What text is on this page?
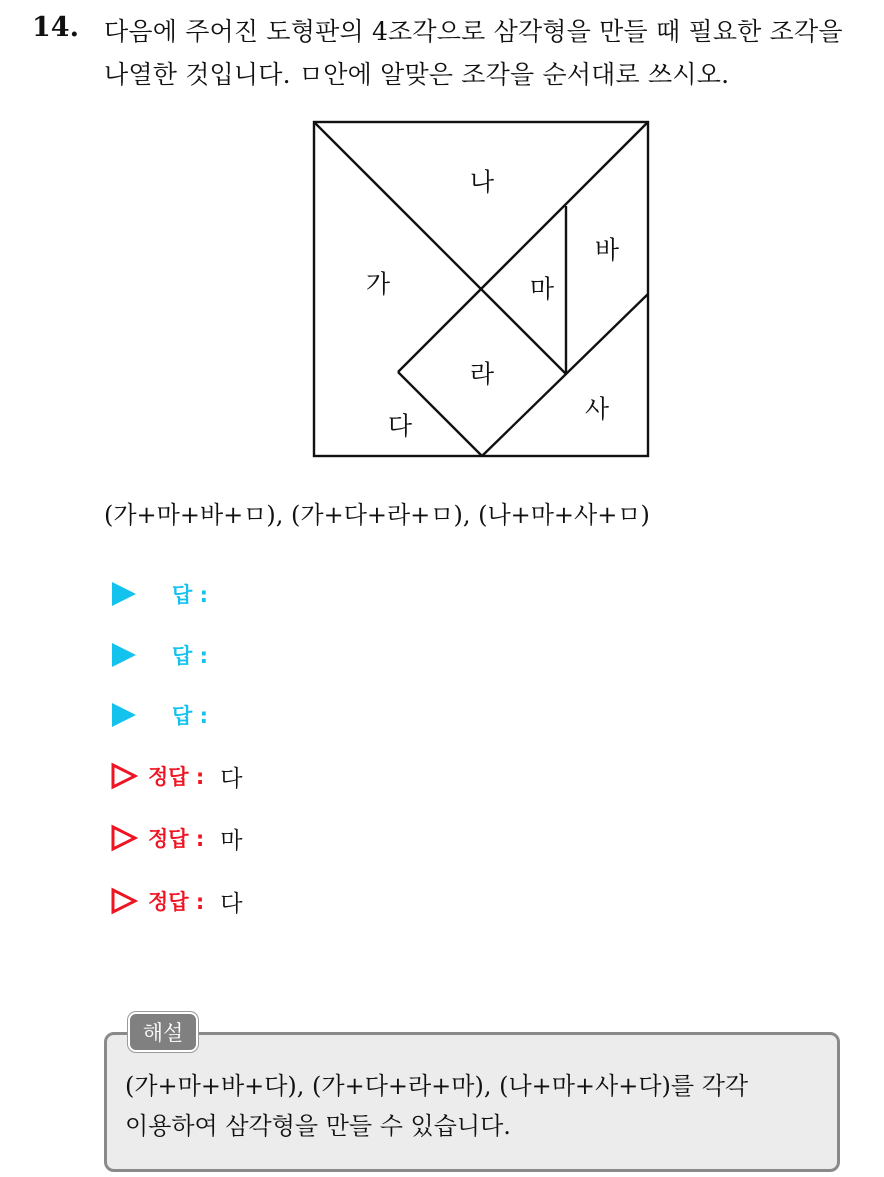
14. 다음에 주어진 도형판의 4조각으로 삼각형을 만들 때 필요한 조각을
나열한 것입니다. ㅁ안에 알맞은 조각을 순서대로 쓰시오.
가
나
다
라
마
바
사
(가+마+바+ㅁ), (가+다+라+ㅁ), (나+마+사+ㅁ)
답 :
답 :
답 :
정답 : 다
정답 : 마
정답 : 다
해설
(가+마+바+다), (가+다+라+마), (나+마+사+다)를 각각
이용하여 삼각형을 만들 수 있습니다.
